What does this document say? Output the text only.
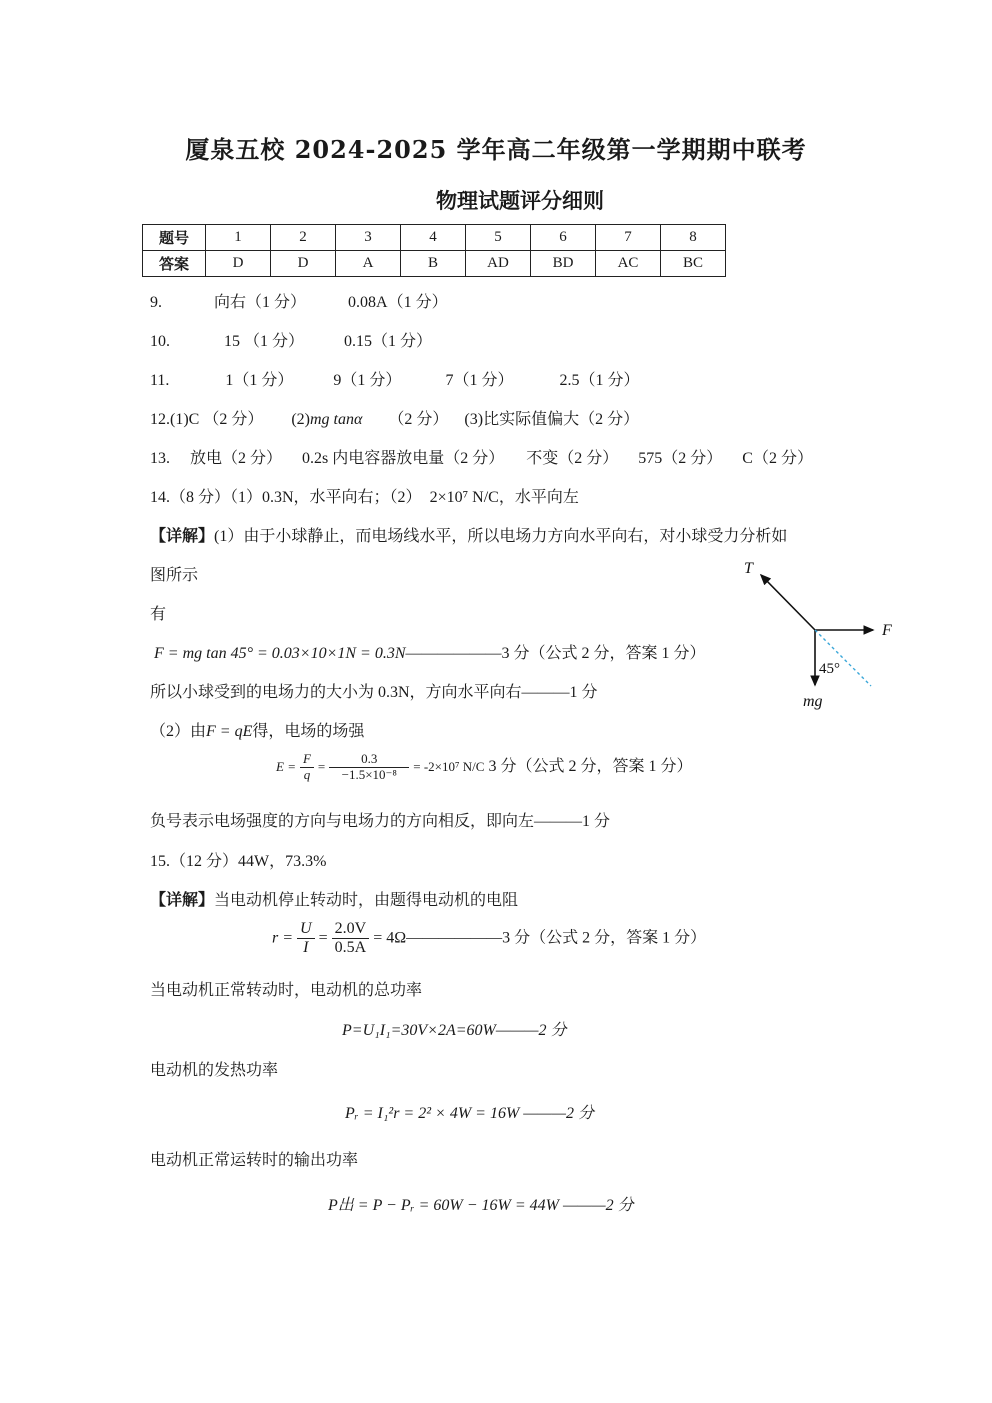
厦泉五校 2024-2025 学年高二年级第一学期期中联考
物理试题评分细则
题号	1	2	3	4	5	6	7	8
答案	D	D	A	B	AD	BD	AC	BC
9.	向右（1 分）	0.08A（1 分）
10.	15 （1 分）	0.15（1 分）
11.	1（1 分）	9（1 分）	7（1 分）	2.5（1 分）
12.(1)C （2 分） (2)mg tanα （2 分） (3)比实际值偏大（2 分）
13. 放电（2 分） 0.2s 内电容器放电量（2 分） 不变（2 分） 575（2 分） C（2 分）
14.（8 分）（1）0.3N，水平向右；（2） 2×10⁷ N/C，水平向左
【详解】(1）由于小球静止，而电场线水平，所以电场力方向水平向右，对小球受力分析如
图所示
有
F = mg tan 45° = 0.03×10×1N = 0.3N——————3 分（公式 2 分，答案 1 分）
所以小球受到的电场力的大小为 0.3N，方向水平向右———1 分
（2）由F = qE得，电场的场强
$E = \frac{F}{q} = \frac{0.3}{\text{−1.5×10⁻⁸}} = -2\times 10^7$ N/C 3 分（公式 2 分，答案 1 分）
负号表示电场强度的方向与电场力的方向相反，即向左———1 分
T
F
45°
mg
15.（12 分）44W，73.3%
【详解】当电动机停止转动时，由题得电动机的电阻
$r = \frac{U}{I} = \frac{2.0V}{0.5A}$ = 4Ω——————3 分（公式 2 分，答案 1 分）
当电动机正常转动时，电动机的总功率
P=U₁I₁=30V×2A=60W———2 分
电动机的发热功率
Pᵣ = I₁²r = 2² × 4W = 16W ———2 分
电动机正常运转时的输出功率
P出 = P − Pᵣ = 60W − 16W = 44W ———2 分
